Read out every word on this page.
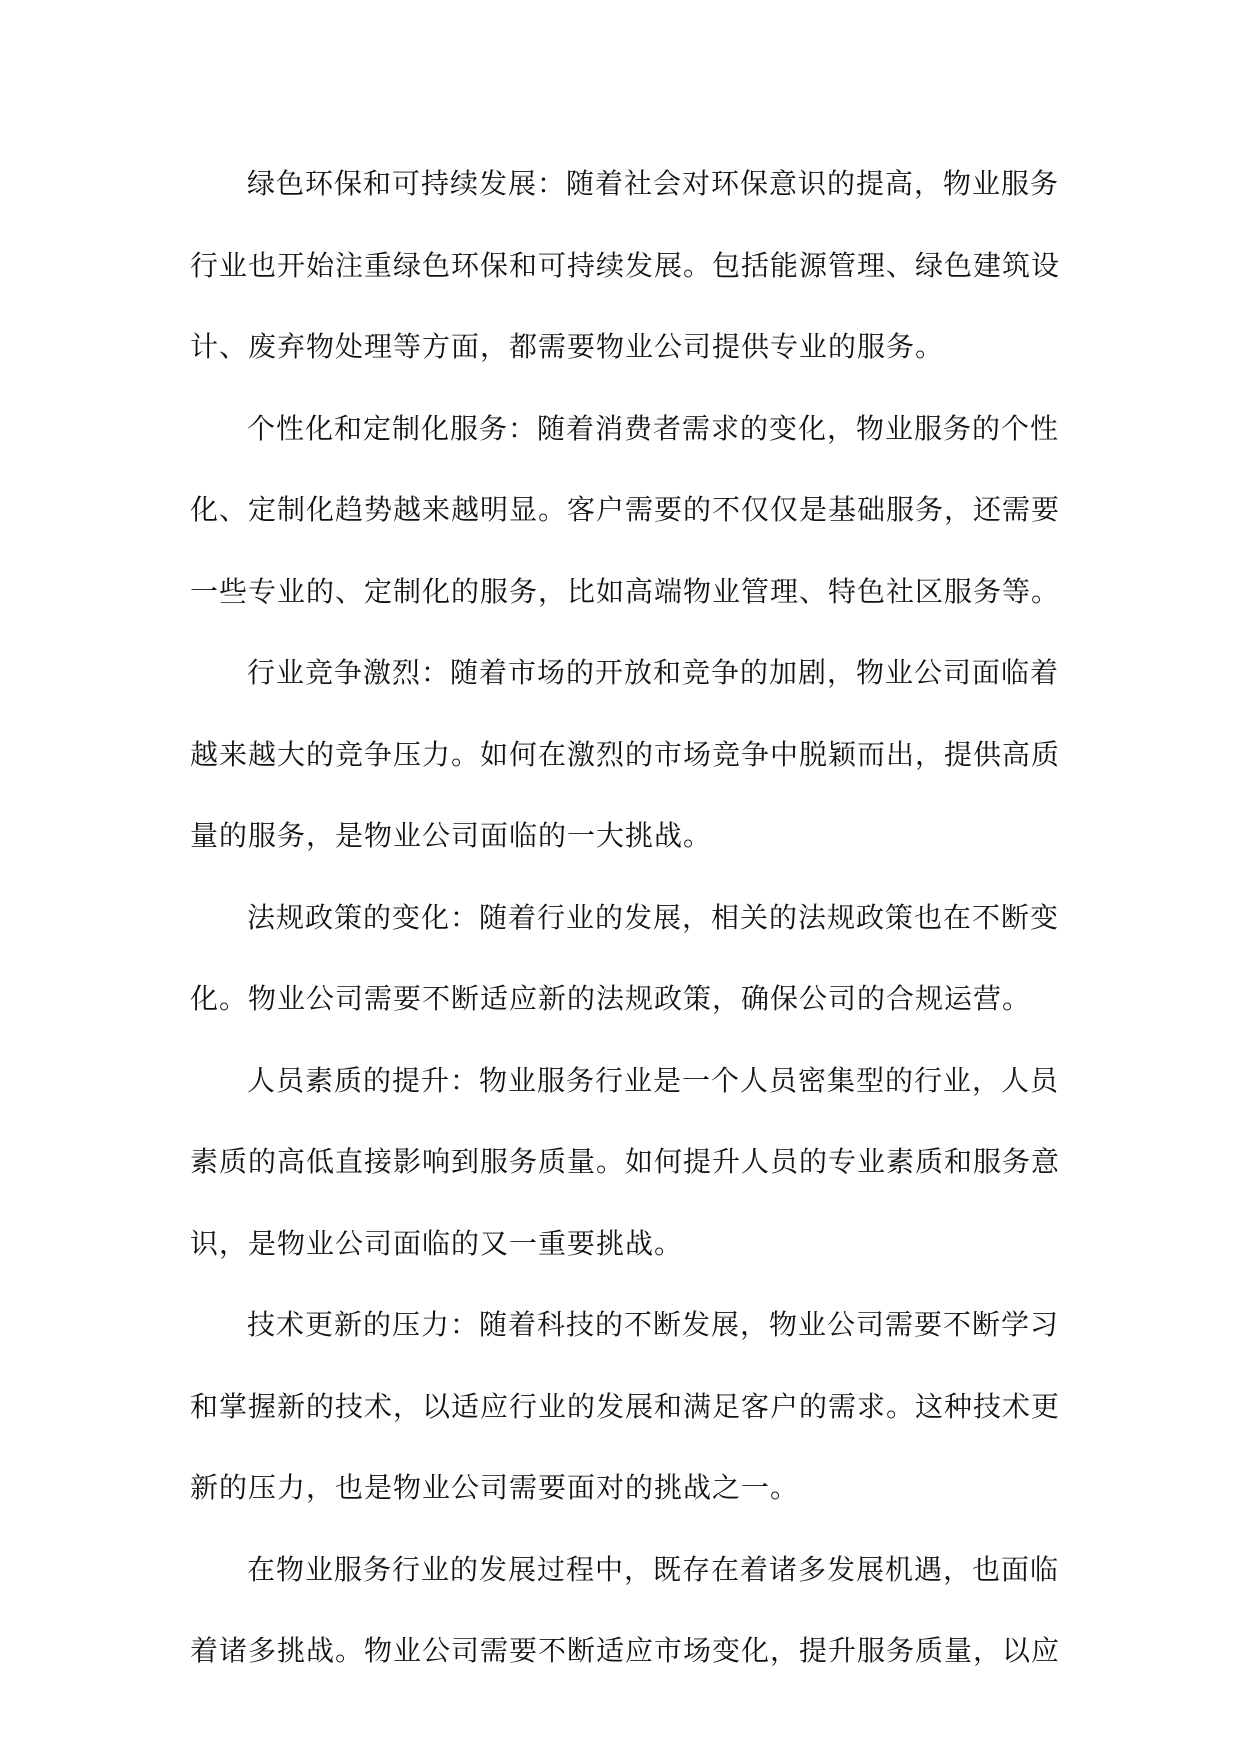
绿色环保和可持续发展：随着社会对环保意识的提高，物业服务
行业也开始注重绿色环保和可持续发展。包括能源管理、绿色建筑设
计、废弃物处理等方面，都需要物业公司提供专业的服务。

个性化和定制化服务：随着消费者需求的变化，物业服务的个性
化、定制化趋势越来越明显。客户需要的不仅仅是基础服务，还需要
一些专业的、定制化的服务，比如高端物业管理、特色社区服务等。

行业竞争激烈：随着市场的开放和竞争的加剧，物业公司面临着
越来越大的竞争压力。如何在激烈的市场竞争中脱颖而出，提供高质
量的服务，是物业公司面临的一大挑战。

法规政策的变化：随着行业的发展，相关的法规政策也在不断变
化。物业公司需要不断适应新的法规政策，确保公司的合规运营。

人员素质的提升：物业服务行业是一个人员密集型的行业，人员
素质的高低直接影响到服务质量。如何提升人员的专业素质和服务意
识，是物业公司面临的又一重要挑战。

技术更新的压力：随着科技的不断发展，物业公司需要不断学习
和掌握新的技术，以适应行业的发展和满足客户的需求。这种技术更
新的压力，也是物业公司需要面对的挑战之一。

在物业服务行业的发展过程中，既存在着诸多发展机遇，也面临
着诸多挑战。物业公司需要不断适应市场变化，提升服务质量，以应
